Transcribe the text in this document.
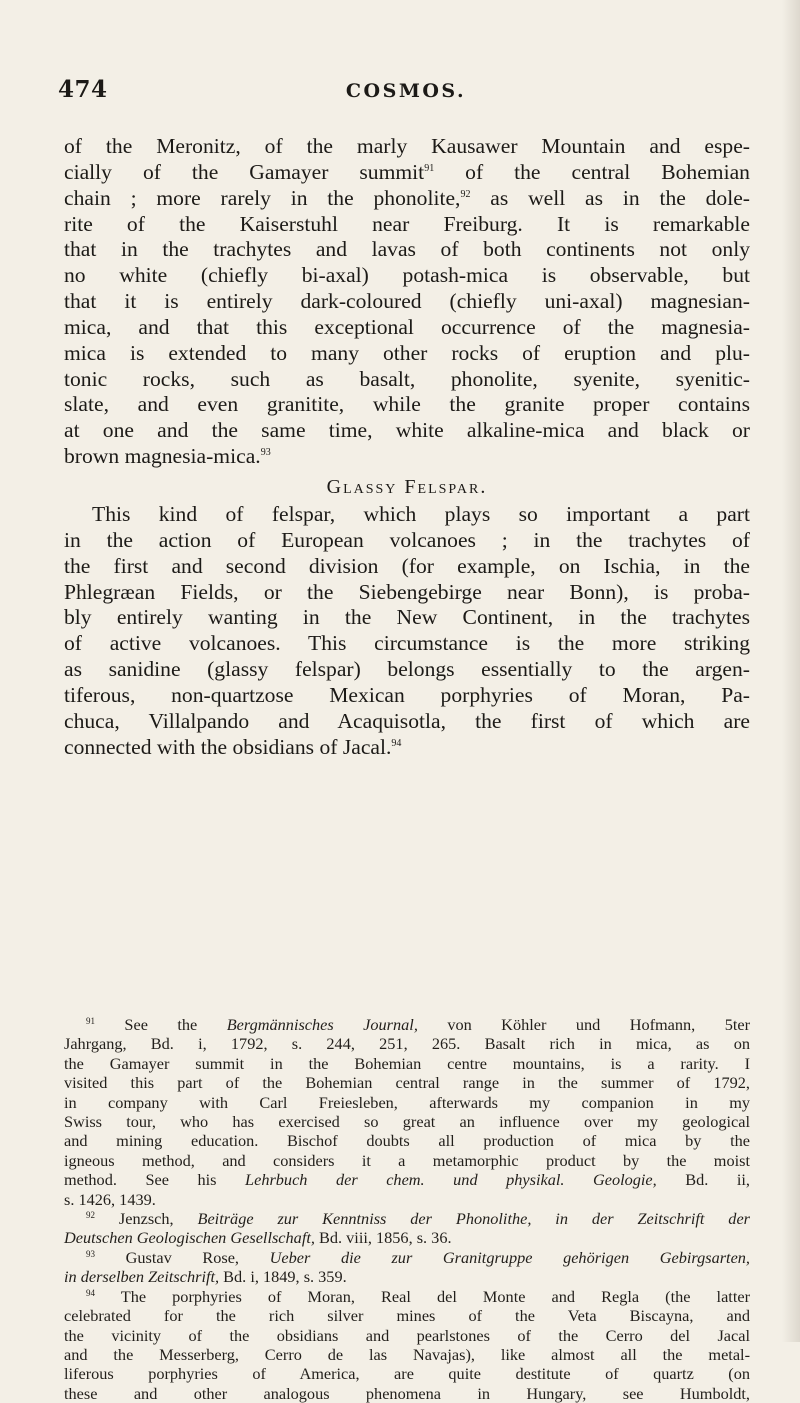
474	COSMOS.

of the Meronitz, of the marly Kausawer Mountain and espe-
cially of the Gamayer summit$^{91}$ of the central Bohemian
chain ; more rarely in the phonolite,$^{92}$ as well as in the dole-
rite of the Kaiserstuhl near Freiburg. It is remarkable
that in the trachytes and lavas of both continents not only
no white (chiefly bi-axal) potash-mica is observable, but
that it is entirely dark-coloured (chiefly uni-axal) magnesian-
mica, and that this exceptional occurrence of the magnesia-
mica is extended to many other rocks of eruption and plu-
tonic rocks, such as basalt, phonolite, syenite, syenitic-
slate, and even granitite, while the granite proper contains
at one and the same time, white alkaline-mica and black or
brown magnesia-mica.$^{93}$

Glassy Felspar.

This kind of felspar, which plays so important a part
in the action of European volcanoes ; in the trachytes of
the first and second division (for example, on Ischia, in the
Phlegræan Fields, or the Siebengebirge near Bonn), is proba-
bly entirely wanting in the New Continent, in the trachytes
of active volcanoes. This circumstance is the more striking
as sanidine (glassy felspar) belongs essentially to the argen-
tiferous, non-quartzose Mexican porphyries of Moran, Pa-
chuca, Villalpando and Acaquisotla, the first of which are
connected with the obsidians of Jacal.$^{94}$

$^{91}$ See the Bergmännisches Journal, von Köhler und Hofmann, 5ter
Jahrgang, Bd. i, 1792, s. 244, 251, 265. Basalt rich in mica, as on
the Gamayer summit in the Bohemian centre mountains, is a rarity. I
visited this part of the Bohemian central range in the summer of 1792,
in company with Carl Freiesleben, afterwards my companion in my
Swiss tour, who has exercised so great an influence over my geological
and mining education. Bischof doubts all production of mica by the
igneous method, and considers it a metamorphic product by the moist
method. See his Lehrbuch der chem. und physikal. Geologie, Bd. ii,
s. 1426, 1439.
$^{92}$ Jenzsch, Beiträge zur Kenntniss der Phonolithe, in der Zeitschrift der
Deutschen Geologischen Gesellschaft, Bd. viii, 1856, s. 36.
$^{93}$ Gustav Rose, Ueber die zur Granitgruppe gehörigen Gebirgsarten,
in derselben Zeitschrift, Bd. i, 1849, s. 359.
$^{94}$ The porphyries of Moran, Real del Monte and Regla (the latter
celebrated for the rich silver mines of the Veta Biscayna, and
the vicinity of the obsidians and pearlstones of the Cerro del Jacal
and the Messerberg, Cerro de las Navajas), like almost all the metal-
liferous porphyries of America, are quite destitute of quartz (on
these and other analogous phenomena in Hungary, see Humboldt,
